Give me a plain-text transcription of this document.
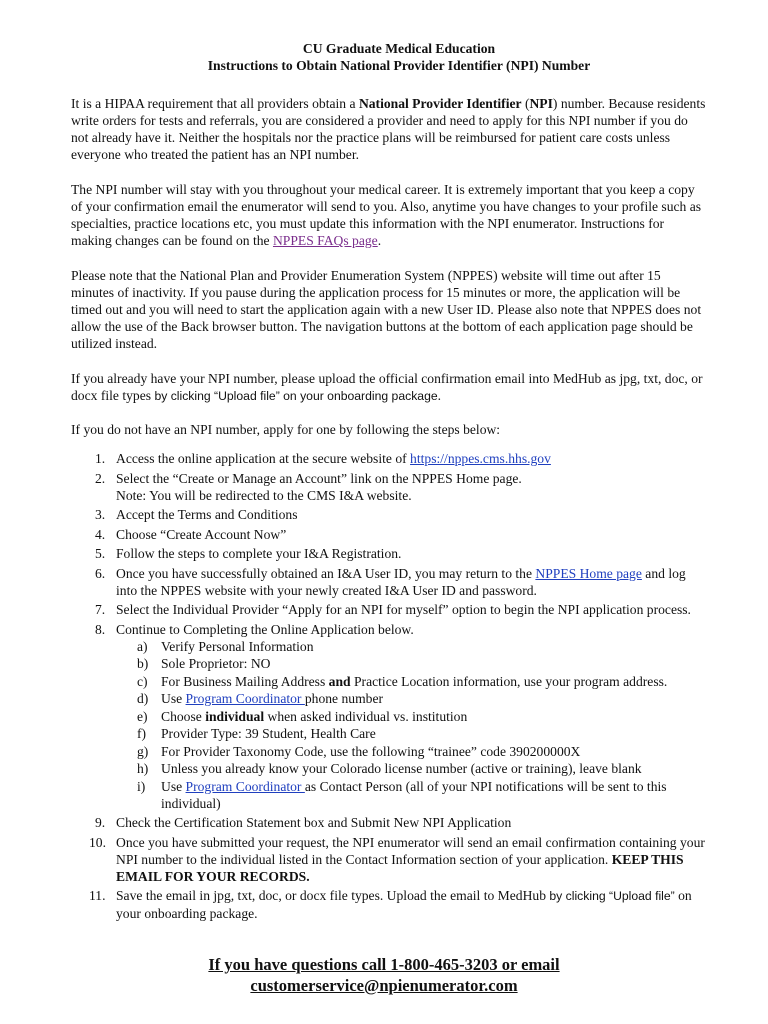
CU Graduate Medical Education
Instructions to Obtain National Provider Identifier (NPI) Number

It is a HIPAA requirement that all providers obtain a National Provider Identifier (NPI) number. Because residents write orders for tests and referrals, you are considered a provider and need to apply for this NPI number if you do not already have it. Neither the hospitals nor the practice plans will be reimbursed for patient care costs unless everyone who treated the patient has an NPI number.

The NPI number will stay with you throughout your medical career. It is extremely important that you keep a copy of your confirmation email the enumerator will send to you. Also, anytime you have changes to your profile such as specialties, practice locations etc, you must update this information with the NPI enumerator. Instructions for making changes can be found on the NPPES FAQs page.

Please note that the National Plan and Provider Enumeration System (NPPES) website will time out after 15 minutes of inactivity. If you pause during the application process for 15 minutes or more, the application will be timed out and you will need to start the application again with a new User ID. Please also note that NPPES does not allow the use of the Back browser button. The navigation buttons at the bottom of each application page should be utilized instead.

If you already have your NPI number, please upload the official confirmation email into MedHub as jpg, txt, doc, or docx file types by clicking “Upload file” on your onboarding package.

If you do not have an NPI number, apply for one by following the steps below:

1. Access the online application at the secure website of https://nppes.cms.hhs.gov
2. Select the “Create or Manage an Account” link on the NPPES Home page.
Note: You will be redirected to the CMS I&A website.
3. Accept the Terms and Conditions
4. Choose “Create Account Now”
5. Follow the steps to complete your I&A Registration.
6. Once you have successfully obtained an I&A User ID, you may return to the NPPES Home page and log into the NPPES website with your newly created I&A User ID and password.
7. Select the Individual Provider “Apply for an NPI for myself” option to begin the NPI application process.
8. Continue to Completing the Online Application below.
a) Verify Personal Information
b) Sole Proprietor: NO
c) For Business Mailing Address and Practice Location information, use your program address.
d) Use Program Coordinator phone number
e) Choose individual when asked individual vs. institution
f) Provider Type: 39 Student, Health Care
g) For Provider Taxonomy Code, use the following “trainee” code 390200000X
h) Unless you already know your Colorado license number (active or training), leave blank
i) Use Program Coordinator as Contact Person (all of your NPI notifications will be sent to this individual)
9. Check the Certification Statement box and Submit New NPI Application
10. Once you have submitted your request, the NPI enumerator will send an email confirmation containing your NPI number to the individual listed in the Contact Information section of your application. KEEP THIS EMAIL FOR YOUR RECORDS.
11. Save the email in jpg, txt, doc, or docx file types. Upload the email to MedHub by clicking “Upload file” on your onboarding package.
If you have questions call 1-800-465-3203 or email
customerservice@npienumerator.com
